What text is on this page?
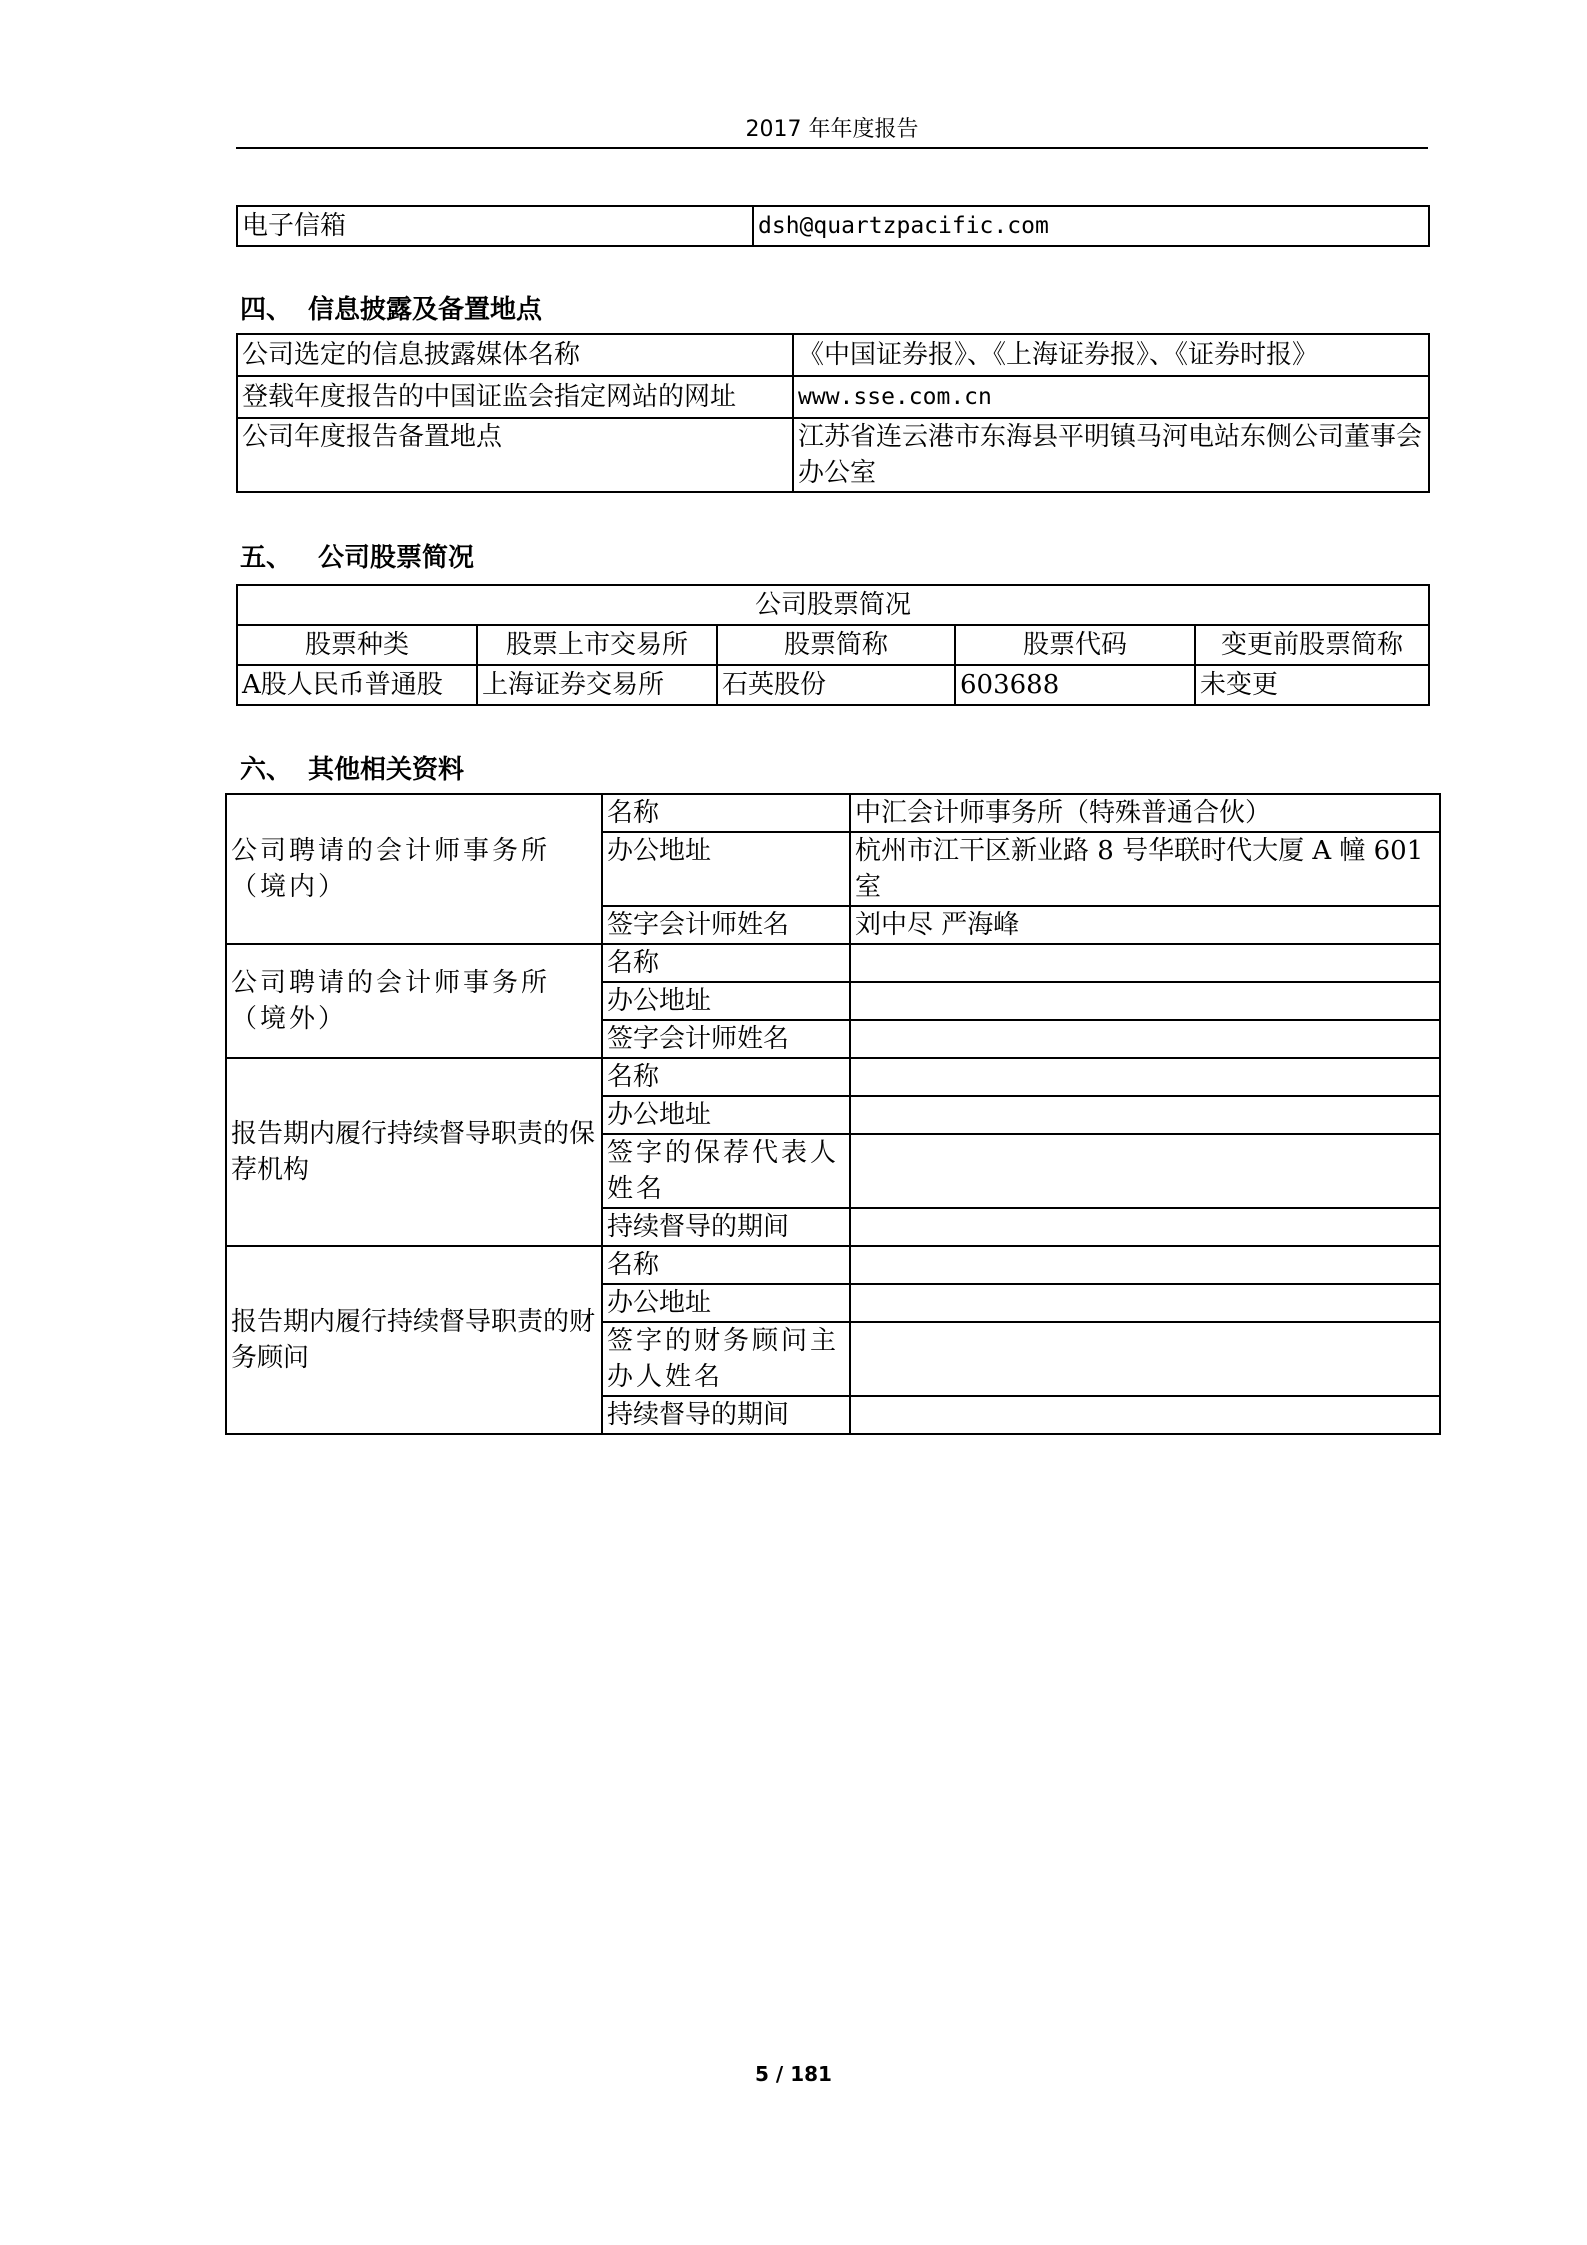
2017 年年度报告
电子信箱	dsh@quartzpacific.com
四、 信息披露及备置地点
公司选定的信息披露媒体名称	《中国证券报》、《上海证券报》、《证券时报》
登载年度报告的中国证监会指定网站的网址	www.sse.com.cn
公司年度报告备置地点	江苏省连云港市东海县平明镇马河电站东侧公司董事会办公室
五、 公司股票简况
公司股票简况				
股票种类	股票上市交易所	股票简称	股票代码	变更前股票简称
A股人民币普通股	上海证券交易所	石英股份	603688	未变更
六、 其他相关资料
公司聘请的会计师事务所（境内）	名称	中汇会计师事务所（特殊普通合伙）
	办公地址	杭州市江干区新业路 8 号华联时代大厦 A 幢 601 室
	签字会计师姓名	刘中尽 严海峰
公司聘请的会计师事务所（境外）	名称	
	办公地址	
	签字会计师姓名	
报告期内履行持续督导职责的保荐机构	名称	
	办公地址	
	签字的保荐代表人姓名	
	持续督导的期间	
报告期内履行持续督导职责的财务顾问	名称	
	办公地址	
	签字的财务顾问主办人姓名	
	持续督导的期间	
5 / 181
